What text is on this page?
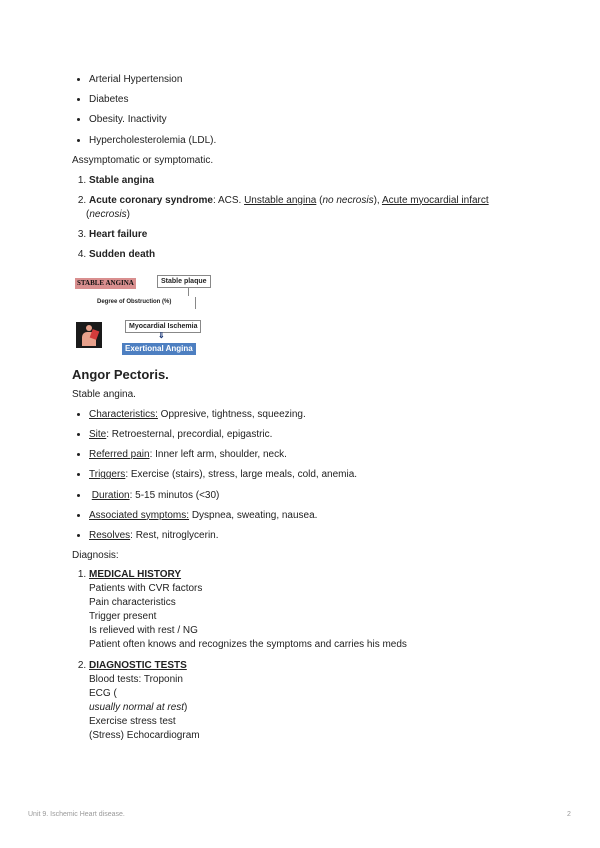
• Arterial Hypertension
• Diabetes
• Obesity. Inactivity
• Hypercholesterolemia (LDL).
Assymptomatic or symptomatic.
1. Stable angina
2. Acute coronary syndrome: ACS. Unstable angina (no necrosis), Acute myocardial infarct
(necrosis)
3. Heart failure
4. Sudden death
STABLE ANGINA	Stable plaque
Degree of Obstruction (%)
Myocardial Ischemia
⇓
Exertional Angina
Angor Pectoris.
Stable angina.
• Characteristics: Oppresive, tightness, squeezing.
• Site: Retroesternal, precordial, epigastric.
• Referred pain: Inner left arm, shoulder, neck.
• Triggers: Exercise (stairs), stress, large meals, cold, anemia.
• Duration: 5-15 minutos (<30)
• Associated symptoms: Dyspnea, sweating, nausea.
• Resolves: Rest, nitroglycerin.
Diagnosis:
1. MEDICAL HISTORY
Patients with CVR factors
Pain characteristics
Trigger present
Is relieved with rest / NG
Patient often knows and recognizes the symptoms and carries his meds
2. DIAGNOSTIC TESTS
Blood tests: Troponin
ECG (
usually normal at rest)
Exercise stress test
(Stress) Echocardiogram
Unit 9. Ischemic Heart disease.	2
